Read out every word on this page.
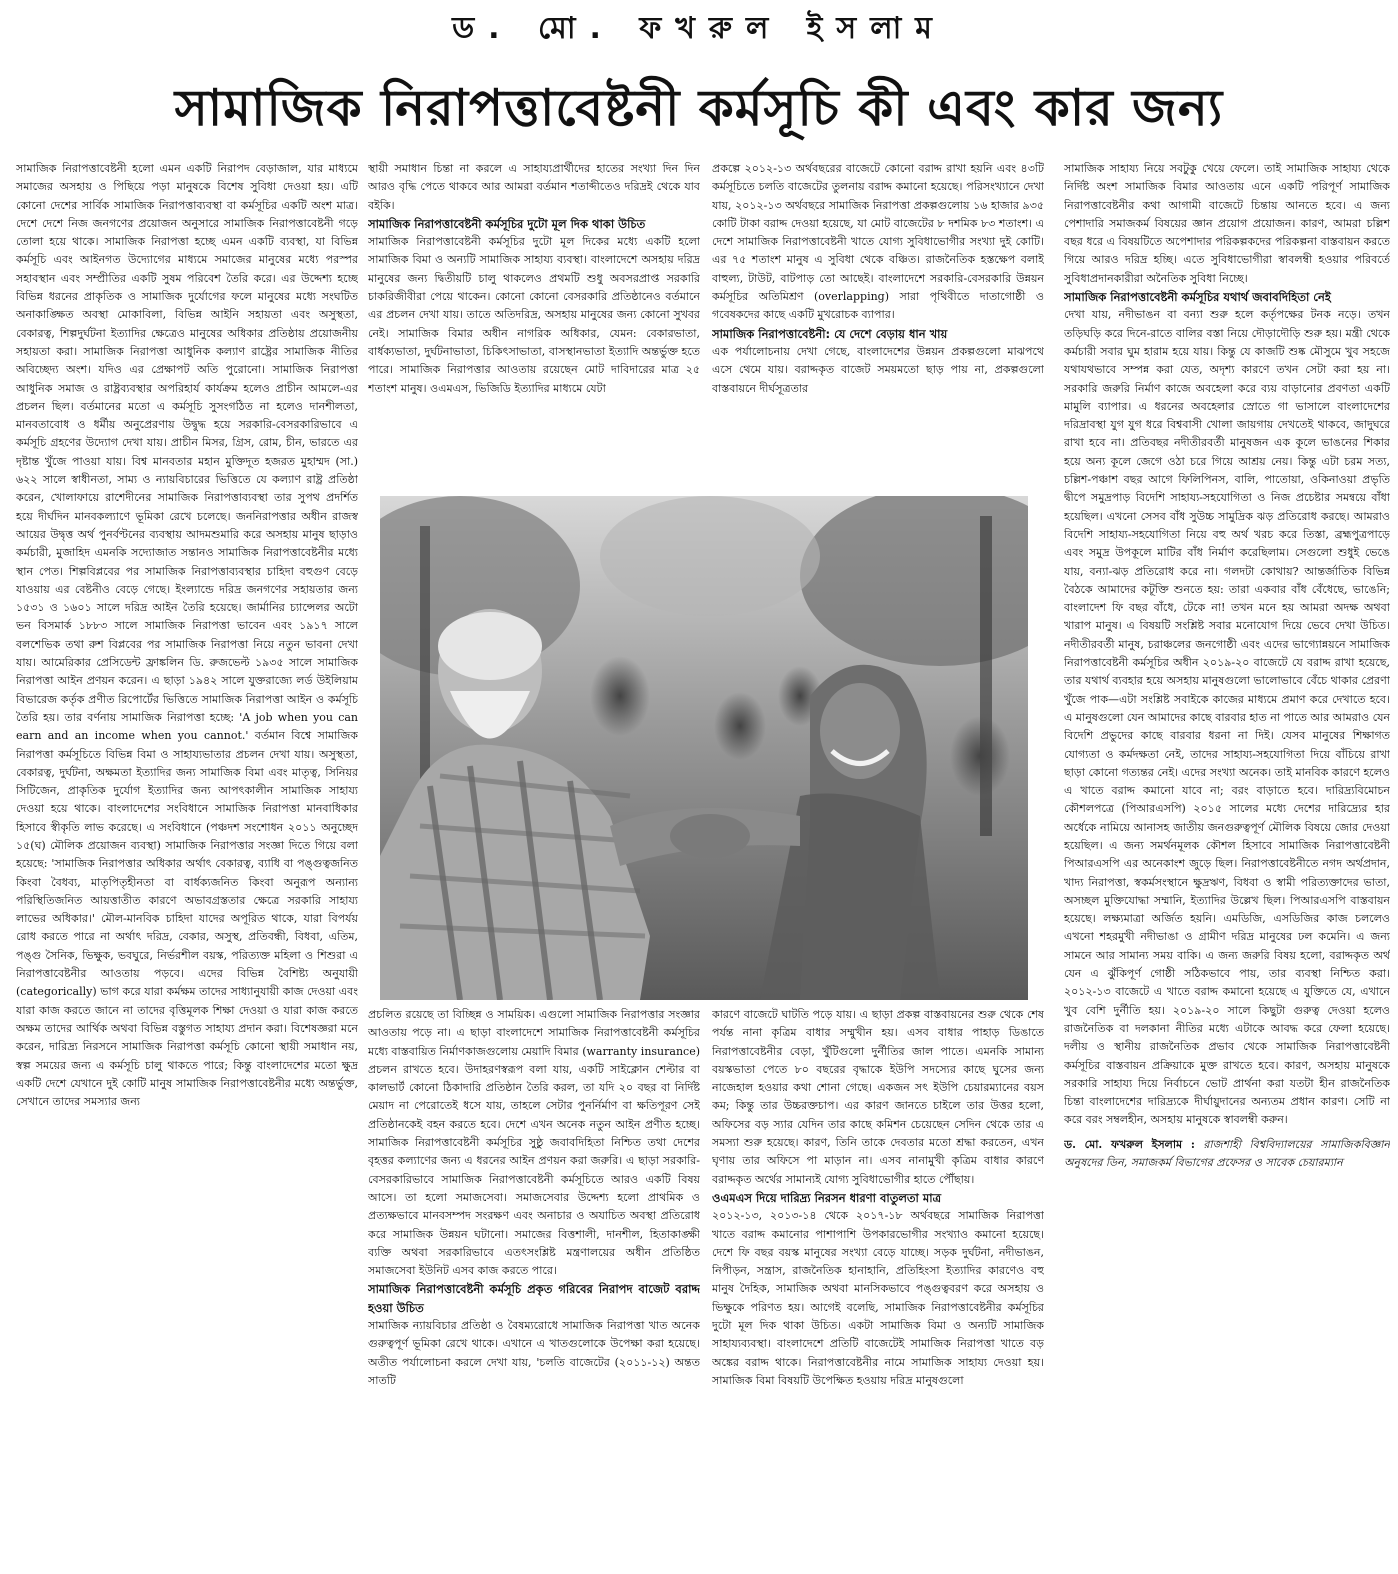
ড. মো. ফখরুল ইসলাম
সামাজিক নিরাপত্তাবেষ্টনী কর্মসূচি কী এবং কার জন্য

সামাজিক নিরাপত্তাবেষ্টনী হলো এমন একটি নিরাপদ বেড়াজাল, যার মাধ্যমে সমাজের অসহায় ও পিছিয়ে পড়া মানুষকে বিশেষ সুবিধা দেওয়া হয়। এটি কোনো দেশের সার্বিক সামাজিক নিরাপত্তাব্যবস্থা বা কর্মসূচির একটি অংশ মাত্র। দেশে দেশে নিজ জনগণের প্রয়োজন অনুসারে সামাজিক নিরাপত্তাবেষ্টনী গড়ে তোলা হয়ে থাকে। সামাজিক নিরাপত্তা হচ্ছে এমন একটি ব্যবস্থা, যা বিভিন্ন কর্মসূচি এবং আইনগত উদ্যোগের মাধ্যমে সমাজের মানুষের মধ্যে পরস্পর সহাবস্থান এবং সম্প্রীতির একটি সুষম পরিবেশ তৈরি করে। এর উদ্দেশ্য হচ্ছে বিভিন্ন ধরনের প্রাকৃতিক ও সামাজিক দুর্যোগের ফলে মানুষের মধ্যে সংঘটিত অনাকাঙ্ক্ষিত অবস্থা মোকাবিলা, বিভিন্ন আইনি সহায়তা এবং অসুস্থতা, বেকারত্ব, শিল্পদুর্ঘটনা ইত্যাদির ক্ষেত্রেও মানুষের অধিকার প্রতিষ্ঠায় প্রয়োজনীয় সহায়তা করা। সামাজিক নিরাপত্তা আধুনিক কল্যাণ রাষ্ট্রের সামাজিক নীতির অবিচ্ছেদ্য অংশ। যদিও এর প্রেক্ষাপট অতি পুরোনো। সামাজিক নিরাপত্তা আধুনিক সমাজ ও রাষ্ট্রব্যবস্থার অপরিহার্য কার্যক্রম হলেও প্রাচীন আমলে-এর প্রচলন ছিল। বর্তমানের মতো এ কর্মসূচি সুসংগঠিত না হলেও দানশীলতা, মানবতাবোধ ও ধর্মীয় অনুপ্রেরণায় উদ্বুদ্ধ হয়ে সরকারি-বেসরকারিভাবে এ কর্মসূচি গ্রহণের উদ্যোগ দেখা যায়। প্রাচীন মিসর, গ্রিস, রোম, চীন, ভারতে এর দৃষ্টান্ত খুঁজে পাওয়া যায়। বিশ্ব মানবতার মহান মুক্তিদূত হজরত মুহাম্মদ (সা.) ৬২২ সালে স্বাধীনতা, সাম্য ও ন্যায়বিচারের ভিত্তিতে যে কল্যাণ রাষ্ট্র প্রতিষ্ঠা করেন, খোলাফায়ে রাশেদীনের সামাজিক নিরাপত্তাব্যবস্থা তার সুপথ প্রদর্শিত হয়ে দীর্ঘদিন মানবকল্যাণে ভূমিকা রেখে চলেছে। জননিরাপত্তার অধীন রাজস্ব আয়ের উদ্বৃত্ত অর্থ পুনর্বণ্টনের ব্যবস্থায় আদমশুমারি করে অসহায় মানুষ ছাড়াও কর্মচারী, মুজাহিদ এমনকি সদ্যোজাত সন্তানও সামাজিক নিরাপত্তাবেষ্টনীর মধ্যে স্থান পেত। শিল্পবিপ্লবের পর সামাজিক নিরাপত্তাব্যবস্থার চাহিদা বহুগুণ বেড়ে যাওয়ায় এর বেষ্টনীও বেড়ে গেছে। ইংল্যান্ডে দরিদ্র জনগণের সহায়তার জন্য ১৫৩১ ও ১৬০১ সালে দরিদ্র আইন তৈরি হয়েছে। জার্মানির চ্যান্সেলর অটো ভন বিসমার্ক ১৮৮৩ সালে সামাজিক নিরাপত্তা ভাবেন এবং ১৯১৭ সালে বলশেভিক তথা রুশ বিপ্লবের পর সামাজিক নিরাপত্তা নিয়ে নতুন ভাবনা দেখা যায়। আমেরিকার প্রেসিডেন্ট ফ্রাঙ্কলিন ডি. রুজভেল্ট ১৯৩৫ সালে সামাজিক নিরাপত্তা আইন প্রণয়ন করেন। এ ছাড়া ১৯৪২ সালে যুক্তরাজ্যে লর্ড উইলিয়াম বিভারেজ কর্তৃক প্রণীত রিপোর্টের ভিত্তিতে সামাজিক নিরাপত্তা আইন ও কর্মসূচি তৈরি হয়। তার বর্ণনায় সামাজিক নিরাপত্তা হচ্ছে: 'A job when you can earn and an income when you cannot.' বর্তমান বিশ্বে সামাজিক নিরাপত্তা কর্মসূচিতে বিভিন্ন বিমা ও সাহায্যভাতার প্রচলন দেখা যায়। অসুস্থতা, বেকারত্ব, দুর্ঘটনা, অক্ষমতা ইত্যাদির জন্য সামাজিক বিমা এবং মাতৃত্ব, সিনিয়র সিটিজেন, প্রাকৃতিক দুর্যোগ ইত্যাদির জন্য আপৎকালীন সামাজিক সাহায্য দেওয়া হয়ে থাকে। বাংলাদেশের সংবিধানে সামাজিক নিরাপত্তা মানবাধিকার হিসাবে স্বীকৃতি লাভ করেছে। এ সংবিধানে (পঞ্চদশ সংশোধন ২০১১ অনুচ্ছেদ ১৫(ঘ) মৌলিক প্রয়োজন ব্যবস্থা) সামাজিক নিরাপত্তার সংজ্ঞা দিতে গিয়ে বলা হয়েছে: 'সামাজিক নিরাপত্তার অধিকার অর্থাৎ বেকারত্ব, ব্যাধি বা পঙ্গুত্বজনিত কিংবা বৈধব্য, মাতৃপিতৃহীনতা বা বার্ধক্যজনিত কিংবা অনুরূপ অন্যান্য পরিস্থিতিজনিত আয়ত্তাতীত কারণে অভাবগ্রস্ততার ক্ষেত্রে সরকারি সাহায্য লাভের অধিকার।' মৌল-মানবিক চাহিদা যাদের অপূরিত থাকে, যারা বিপর্যয় রোধ করতে পারে না অর্থাৎ দরিদ্র, বেকার, অসুস্থ, প্রতিবন্ধী, বিধবা, এতিম, পঙ্গু সৈনিক, ভিক্ষুক, ভবঘুরে, নির্ভরশীল বয়স্ক, পরিত্যক্ত মহিলা ও শিশুরা এ নিরাপত্তাবেষ্টনীর আওতায় পড়বে। এদের বিভিন্ন বৈশিষ্ট্য অনুযায়ী (categorically) ভাগ করে যারা কর্মক্ষম তাদের সাধ্যানুযায়ী কাজ দেওয়া এবং যারা কাজ করতে জানে না তাদের বৃত্তিমূলক শিক্ষা দেওয়া ও যারা কাজ করতে অক্ষম তাদের আর্থিক অথবা বিভিন্ন বস্তুগত সাহায্য প্রদান করা। বিশেষজ্ঞরা মনে করেন, দারিদ্র্য নিরসনে সামাজিক নিরাপত্তা কর্মসূচি কোনো স্থায়ী সমাধান নয়, স্বল্প সময়ের জন্য এ কর্মসূচি চালু থাকতে পারে; কিন্তু বাংলাদেশের মতো ক্ষুদ্র একটি দেশে যেখানে দুই কোটি মানুষ সামাজিক নিরাপত্তাবেষ্টনীর মধ্যে অন্তর্ভুক্ত, সেখানে তাদের সমস্যার জন্য

স্থায়ী সমাধান চিন্তা না করলে এ সাহায্যপ্রার্থীদের হাতের সংখ্যা দিন দিন আরও বৃদ্ধি পেতে থাকবে আর আমরা বর্তমান শতাব্দীতেও দরিদ্রই থেকে যাব বইকি।

সামাজিক নিরাপত্তাবেষ্টনী কর্মসূচির দুটো মূল দিক থাকা উচিত

সামাজিক নিরাপত্তাবেষ্টনী কর্মসূচির দুটো মূল দিকের মধ্যে একটি হলো সামাজিক বিমা ও অন্যটি সামাজিক সাহায্য ব্যবস্থা। বাংলাদেশে অসহায় দরিদ্র মানুষের জন্য দ্বিতীয়টি চালু থাকলেও প্রথমটি শুধু অবসরপ্রাপ্ত সরকারি চাকরিজীবীরা পেয়ে থাকেন। কোনো কোনো বেসরকারি প্রতিষ্ঠানেও বর্তমানে এর প্রচলন দেখা যায়। তাতে অতিদরিদ্র, অসহায় মানুষের জন্য কোনো সুখবর নেই। সামাজিক বিমার অধীন নাগরিক অধিকার, যেমন: বেকারভাতা, বার্ধক্যভাতা, দুর্ঘটনাভাতা, চিকিৎসাভাতা, বাসস্থানভাতা ইত্যাদি অন্তর্ভুক্ত হতে পারে। সামাজিক নিরাপত্তার আওতায় রয়েছেন মোট দাবিদারের মাত্র ২৫ শতাংশ মানুষ। ওএমএস, ভিজিডি ইত্যাদির মাধ্যমে যেটা

প্রকল্পে ২০১২-১৩ অর্থবছরের বাজেটে কোনো বরাদ্দ রাখা হয়নি এবং ৪৩টি কর্মসূচিতে চলতি বাজেটের তুলনায় বরাদ্দ কমানো হয়েছে। পরিসংখ্যানে দেখা যায়, ২০১২-১৩ অর্থবছরে সামাজিক নিরাপত্তা প্রকল্পগুলোয় ১৬ হাজার ৯৩৫ কোটি টাকা বরাদ্দ দেওয়া হয়েছে, যা মোট বাজেটের ৮ দশমিক ৮৩ শতাংশ। এ দেশে সামাজিক নিরাপত্তাবেষ্টনী খাতে যোগ্য সুবিধাভোগীর সংখ্যা দুই কোটি। এর ৭৫ শতাংশ মানুষ এ সুবিধা থেকে বঞ্চিত। রাজনৈতিক হস্তক্ষেপ বলাই বাহুল্য, টাউট, বাটপাড় তো আছেই। বাংলাদেশে সরকারি-বেসরকারি উন্নয়ন কর্মসূচির অতিমিশ্রণ (overlapping) সারা পৃথিবীতে দাতাগোষ্ঠী ও গবেষকদের কাছে একটি মুখরোচক ব্যাপার।

সামাজিক নিরাপত্তাবেষ্টনী: যে দেশে বেড়ায় ধান খায়

এক পর্যালোচনায় দেখা গেছে, বাংলাদেশের উন্নয়ন প্রকল্পগুলো মাঝপথে এসে থেমে যায়। বরাদ্দকৃত বাজেট সময়মতো ছাড় পায় না, প্রকল্পগুলো বাস্তবায়নে দীর্ঘসূত্রতার

সামাজিক সাহায্য নিয়ে সবটুকু খেয়ে ফেলে। তাই সামাজিক সাহায্য থেকে নির্দিষ্ট অংশ সামাজিক বিমার আওতায় এনে একটি পরিপূর্ণ সামাজিক নিরাপত্তাবেষ্টনীর কথা আগামী বাজেটে চিন্তায় আনতে হবে। এ জন্য পেশাদারি সমাজকর্ম বিষয়ের জ্ঞান প্রয়োগ প্রয়োজন। কারণ, আমরা চল্লিশ বছর ধরে এ বিষয়টিতে অপেশাদার পরিকল্পকদের পরিকল্পনা বাস্তবায়ন করতে গিয়ে আরও দরিদ্র হচ্ছি। এতে সুবিধাভোগীরা স্বাবলম্বী হওয়ার পরিবর্তে সুবিধাপ্রদানকারীরা অনৈতিক সুবিধা নিচ্ছে।

সামাজিক নিরাপত্তাবেষ্টনী কর্মসূচির যথার্থ জবাবদিহিতা নেই

দেখা যায়, নদীভাঙন বা বন্যা শুরু হলে কর্তৃপক্ষের টনক নড়ে। তখন তড়িঘড়ি করে দিনে-রাতে বালির বস্তা নিয়ে দৌড়াদৌড়ি শুরু হয়। মন্ত্রী থেকে কর্মচারী সবার ঘুম হারাম হয়ে যায়। কিন্তু যে কাজটি শুষ্ক মৌসুমে খুব সহজে যথাযথভাবে সম্পন্ন করা যেত, অদৃশ্য কারণে তখন সেটা করা হয় না। সরকারি জরুরি নির্মাণ কাজে অবহেলা করে ব্যয় বাড়ানোর প্রবণতা একটি মামুলি ব্যাপার। এ ধরনের অবহেলার স্রোতে গা ভাসালে বাংলাদেশের দরিদ্রাবস্থা যুগ যুগ ধরে বিশ্ববাসী খোলা জায়গায় দেখতেই থাকবে, জাদুঘরে রাখা হবে না। প্রতিবছর নদীতীরবর্তী মানুষজন এক কূলে ভাঙনের শিকার হয়ে অন্য কূলে জেগে ওঠা চরে গিয়ে আশ্রয় নেয়। কিন্তু এটা চরম সত্য, চল্লিশ-পঞ্চাশ বছর আগে ফিলিপিনস, বালি, পাতোয়া, ওকিনাওয়া প্রভৃতি দ্বীপে সমুদ্রপাড় বিদেশি সাহায্য-সহযোগিতা ও নিজ প্রচেষ্টার সমন্বয়ে বাঁধা হয়েছিল। এখনো সেসব বাঁধ সুউচ্চ সামুদ্রিক ঝড় প্রতিরোধ করছে। আমরাও বিদেশি সাহায্য-সহযোগিতা নিয়ে বহু অর্থ খরচ করে তিস্তা, ব্রহ্মপুত্রপাড়ে এবং সমুদ্র উপকূলে মাটির বাঁধ নির্মাণ করেছিলাম। সেগুলো শুধুই ভেঙে যায়, বন্যা-ঝড় প্রতিরোধ করে না। গলদটা কোথায়? আন্তর্জাতিক বিভিন্ন বৈঠকে আমাদের কটূক্তি শুনতে হয়: তারা একবার বাঁধ বেঁধেছে, ভাঙেনি; বাংলাদেশ ফি বছর বাঁধে, টেকে না! তখন মনে হয় আমরা অদক্ষ অথবা খারাপ মানুষ। এ বিষয়টি সংশ্লিষ্ট সবার মনোযোগ দিয়ে ভেবে দেখা উচিত। নদীতীরবর্তী মানুষ, চরাঞ্চলের জনগোষ্ঠী এবং এদের ভাগ্যোন্নয়নে সামাজিক নিরাপত্তাবেষ্টনী কর্মসূচির অধীন ২০১৯-২০ বাজেটে যে বরাদ্দ রাখা হয়েছে, তার যথার্থ ব্যবহার হয়ে অসহায় মানুষগুলো ভালোভাবে বেঁচে থাকার প্রেরণা খুঁজে পাক—এটা সংশ্লিষ্ট সবাইকে কাজের মাধ্যমে প্রমাণ করে দেখাতে হবে। এ মানুষগুলো যেন আমাদের কাছে বারবার হাত না পাতে আর আমরাও যেন বিদেশি প্রভুদের কাছে বারবার ধরনা না দিই। যেসব মানুষের শিক্ষাগত যোগ্যতা ও কর্মদক্ষতা নেই, তাদের সাহায্য-সহযোগিতা দিয়ে বাঁচিয়ে রাখা ছাড়া কোনো গত্যন্তর নেই। এদের সংখ্যা অনেক। তাই মানবিক কারণে হলেও এ খাতে বরাদ্দ কমানো যাবে না; বরং বাড়াতে হবে। দারিদ্র্যবিমোচন কৌশলপত্রে (পিআরএসপি) ২০১৫ সালের মধ্যে দেশের দারিদ্র্যের হার অর্ধেকে নামিয়ে আনাসহ জাতীয় জনগুরুত্বপূর্ণ মৌলিক বিষয়ে জোর দেওয়া হয়েছিল। এ জন্য সমর্থনমূলক কৌশল হিসাবে সামাজিক নিরাপত্তাবেষ্টনী পিআরএসপি এর অনেকাংশ জুড়ে ছিল। নিরাপত্তাবেষ্টনীতে নগদ অর্থপ্রদান, খাদ্য নিরাপত্তা, স্বকর্মসংস্থানে ক্ষুদ্রঋণ, বিধবা ও স্বামী পরিত্যক্তাদের ভাতা, অসচ্ছল মুক্তিযোদ্ধা সম্মানি, ইত্যাদির উল্লেখ ছিল। পিআরএসপি বাস্তবায়ন হয়েছে। লক্ষ্যমাত্রা অর্জিত হয়নি। এমডিজি, এসডিজির কাজ চললেও এখনো শহরমুখী নদীভাঙা ও গ্রামীণ দরিদ্র মানুষের ঢল কমেনি। এ জন্য সামনে আর সামান্য সময় বাকি। এ জন্য জরুরি বিষয় হলো, বরাদ্দকৃত অর্থ যেন এ ঝুঁকিপূর্ণ গোষ্ঠী সঠিকভাবে পায়, তার ব্যবস্থা নিশ্চিত করা। ২০১২-১৩ বাজেটে এ খাতে বরাদ্দ কমানো হয়েছে এ যুক্তিতে যে, এখানে খুব বেশি দুর্নীতি হয়। ২০১৯-২০ সালে কিছুটা গুরুত্ব দেওয়া হলেও রাজনৈতিক বা দলকানা নীতির মধ্যে এটাকে আবদ্ধ করে ফেলা হয়েছে। দলীয় ও স্থানীয় রাজনৈতিক প্রভাব থেকে সামাজিক নিরাপত্তাবেষ্টনী কর্মসূচির বাস্তবায়ন প্রক্রিয়াকে মুক্ত রাখতে হবে। কারণ, অসহায় মানুষকে সরকারি সাহায্য দিয়ে নির্বাচনে ভোট প্রার্থনা করা যতটা হীন রাজনৈতিক চিন্তা বাংলাদেশের দারিদ্র্যকে দীর্ঘায়ুদানের অন্যতম প্রধান কারণ। সেটি না করে বরং সম্বলহীন, অসহায় মানুষকে স্বাবলম্বী করুন।

ড. মো. ফখরুল ইসলাম : রাজশাহী বিশ্ববিদ্যালয়ের সামাজিকবিজ্ঞান অনুষদের ডিন, সমাজকর্ম বিভাগের প্রফেসর ও সাবেক চেয়ারম্যান

প্রচলিত রয়েছে তা বিচ্ছিন্ন ও সাময়িক। এগুলো সামাজিক নিরাপত্তার সংজ্ঞার আওতায় পড়ে না। এ ছাড়া বাংলাদেশে সামাজিক নিরাপত্তাবেষ্টনী কর্মসূচির মধ্যে বাস্তবায়িত নির্মাণকাজগুলোয় মেয়াদি বিমার (warranty insurance) প্রচলন রাখতে হবে। উদাহরণস্বরূপ বলা যায়, একটি সাইক্লোন শেল্টার বা কালভার্ট কোনো ঠিকাদারি প্রতিষ্ঠান তৈরি করল, তা যদি ২০ বছর বা নির্দিষ্ট মেয়াদ না পেরোতেই ধসে যায়, তাহলে সেটার পুনর্নির্মাণ বা ক্ষতিপূরণ সেই প্রতিষ্ঠানকেই বহন করতে হবে। দেশে এখন অনেক নতুন আইন প্রণীত হচ্ছে। সামাজিক নিরাপত্তাবেষ্টনী কর্মসূচির সুষ্ঠু জবাবদিহিতা নিশ্চিত তথা দেশের বৃহত্তর কল্যাণের জন্য এ ধরনের আইন প্রণয়ন করা জরুরি। এ ছাড়া সরকারি-বেসরকারিভাবে সামাজিক নিরাপত্তাবেষ্টনী কর্মসূচিতে আরও একটি বিষয় আসে। তা হলো সমাজসেবা। সমাজসেবার উদ্দেশ্য হলো প্রাথমিক ও প্রত্যক্ষভাবে মানবসম্পদ সংরক্ষণ এবং অনাচার ও অযাচিত অবস্থা প্রতিরোধ করে সামাজিক উন্নয়ন ঘটানো। সমাজের বিত্তশালী, দানশীল, হিতাকাঙ্ক্ষী ব্যক্তি অথবা সরকারিভাবে এতৎসংশ্লিষ্ট মন্ত্রণালয়ের অধীন প্রতিষ্ঠিত সমাজসেবা ইউনিট এসব কাজ করতে পারে।

সামাজিক নিরাপত্তাবেষ্টনী কর্মসূচি প্রকৃত গরিবের নিরাপদ বাজেট বরাদ্দ হওয়া উচিত

সামাজিক ন্যায়বিচার প্রতিষ্ঠা ও বৈষম্যরোধে সামাজিক নিরাপত্তা খাত অনেক গুরুত্বপূর্ণ ভূমিকা রেখে থাকে। এখানে এ খাতগুলোকে উপেক্ষা করা হয়েছে। অতীত পর্যালোচনা করলে দেখা যায়, 'চলতি বাজেটের (২০১১-১২) অন্তত সাতটি

কারণে বাজেটে ঘাটতি পড়ে যায়। এ ছাড়া প্রকল্প বাস্তবায়নের শুরু থেকে শেষ পর্যন্ত নানা কৃত্রিম বাধার সম্মুখীন হয়। এসব বাধার পাহাড় ডিঙাতে নিরাপত্তাবেষ্টনীর বেড়া, খুঁটিগুলো দুর্নীতির জাল পাতে। এমনকি সামান্য বয়স্কভাতা পেতে ৮০ বছরের বৃদ্ধাকে ইউপি সদস্যের কাছে ঘুসের জন্য নাজেহাল হওয়ার কথা শোনা গেছে। একজন সৎ ইউপি চেয়ারম্যানের বয়স কম; কিন্তু তার উচ্চরক্তচাপ। এর কারণ জানতে চাইলে তার উত্তর হলো, অফিসের বড় স্যার যেদিন তার কাছে কমিশন চেয়েছেন সেদিন থেকে তার এ সমস্যা শুরু হয়েছে। কারণ, তিনি তাকে দেবতার মতো শ্রদ্ধা করতেন, এখন ঘৃণায় তার অফিসে পা মাড়ান না। এসব নানামুখী কৃত্রিম বাধার কারণে বরাদ্দকৃত অর্থের সামান্যই যোগ্য সুবিধাভোগীর হাতে পৌঁছায়।

ওএমএস দিয়ে দারিদ্র্য নিরসন ধারণা বাতুলতা মাত্র

২০১২-১৩, ২০১৩-১৪ থেকে ২০১৭-১৮ অর্থবছরে সামাজিক নিরাপত্তা খাতে বরাদ্দ কমানোর পাশাপাশি উপকারভোগীর সংখ্যাও কমানো হয়েছে। দেশে ফি বছর বয়স্ক মানুষের সংখ্যা বেড়ে যাচ্ছে। সড়ক দুর্ঘটনা, নদীভাঙন, নিপীড়ন, সন্ত্রাস, রাজনৈতিক হানাহানি, প্রতিহিংসা ইত্যাদির কারণেও বহু মানুষ দৈহিক, সামাজিক অথবা মানসিকভাবে পঙ্গুত্ববরণ করে অসহায় ও ভিক্ষুকে পরিণত হয়। আগেই বলেছি, সামাজিক নিরাপত্তাবেষ্টনীর কর্মসূচির দুটো মূল দিক থাকা উচিত। একটা সামাজিক বিমা ও অন্যটি সামাজিক সাহায্যব্যবস্থা। বাংলাদেশে প্রতিটি বাজেটেই সামাজিক নিরাপত্তা খাতে বড় অঙ্কের বরাদ্দ থাকে। নিরাপত্তাবেষ্টনীর নামে সামাজিক সাহায্য দেওয়া হয়। সামাজিক বিমা বিষয়টি উপেক্ষিত হওয়ায় দরিদ্র মানুষগুলো
